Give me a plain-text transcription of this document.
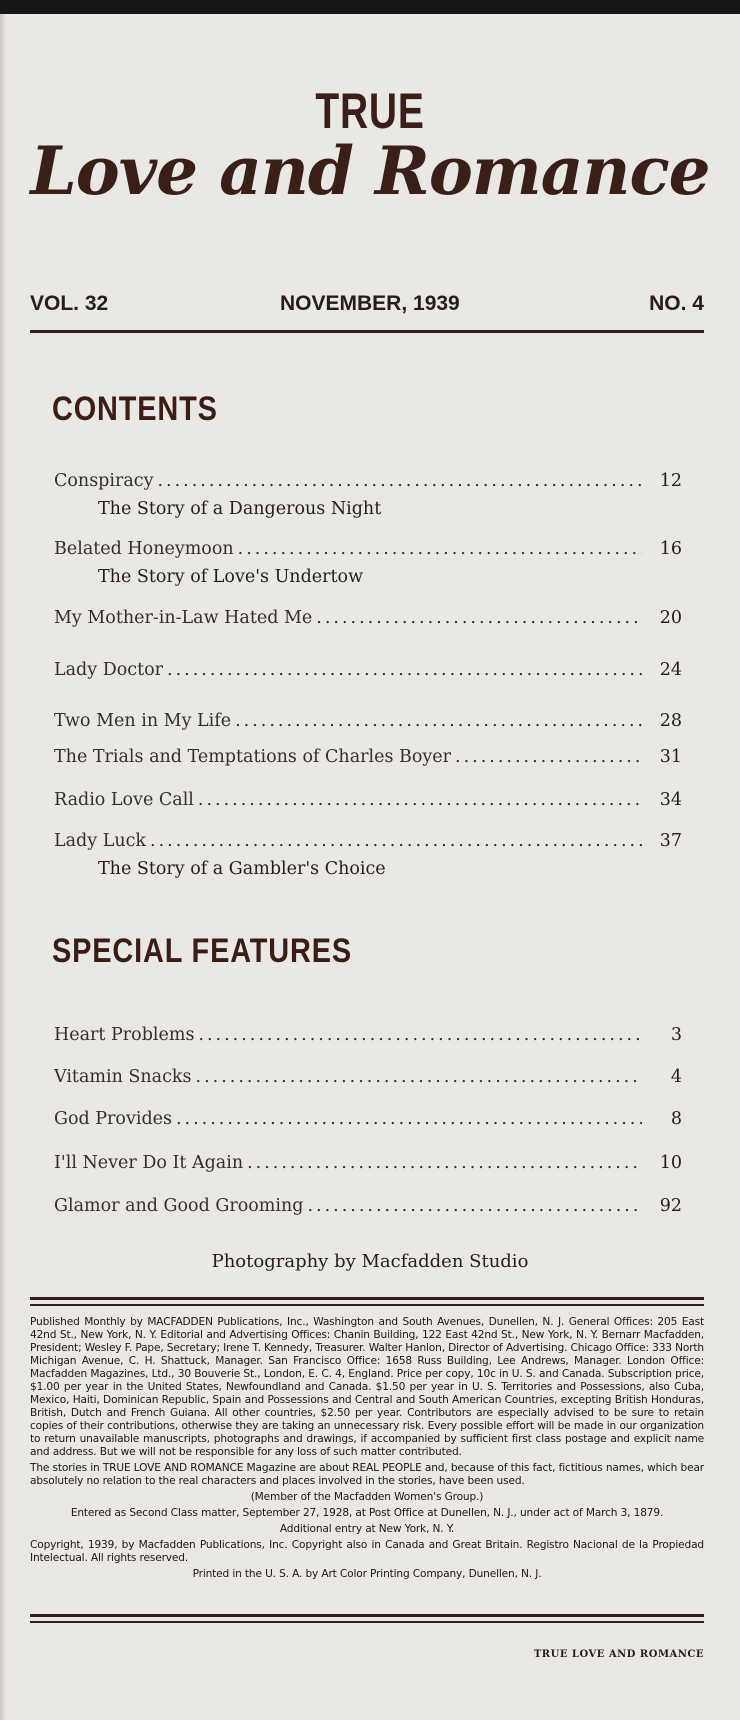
TRUE
Love and Romance
VOL. 32	NOVEMBER, 1939	NO. 4
CONTENTS
Conspiracy .....	12
The Story of a Dangerous Night
Belated Honeymoon .....	16
The Story of Love's Undertow
My Mother-in-Law Hated Me .....	20
Lady Doctor .....	24
Two Men in My Life .....	28
The Trials and Temptations of Charles Boyer .....	31
Radio Love Call .....	34
Lady Luck .....	37
The Story of a Gambler's Choice
SPECIAL FEATURES
Heart Problems .....	3
Vitamin Snacks .....	4
God Provides .....	8
I'll Never Do It Again .....	10
Glamor and Good Grooming .....	92
Photography by Macfadden Studio

Published Monthly by MACFADDEN Publications, Inc., Washington and South Avenues, Dunellen, N. J. General Offices: 205 East 42nd St., New York, N. Y. Editorial and Advertising Offices: Chanin Building, 122 East 42nd St., New York, N. Y. Bernarr Macfadden, President; Wesley F. Pape, Secretary; Irene T. Kennedy, Treasurer. Walter Hanlon, Director of Advertising. Chicago Office: 333 North Michigan Avenue, C. H. Shattuck, Manager. San Francisco Office: 1658 Russ Building, Lee Andrews, Manager. London Office: Macfadden Magazines, Ltd., 30 Bouverie St., London, E. C. 4, England. Price per copy, 10c in U. S. and Canada. Subscription price, $1.00 per year in the United States, Newfoundland and Canada. $1.50 per year in U. S. Territories and Possessions, also Cuba, Mexico, Haiti, Dominican Republic, Spain and Possessions and Central and South American Countries, excepting British Honduras, British, Dutch and French Guiana. All other countries, $2.50 per year. Contributors are especially advised to be sure to retain copies of their contributions, otherwise they are taking an unnecessary risk. Every possible effort will be made in our organization to return unavailable manuscripts, photographs and drawings, if accompanied by sufficient first class postage and explicit name and address. But we will not be responsible for any loss of such matter contributed.

The stories in TRUE LOVE AND ROMANCE Magazine are about REAL PEOPLE and, because of this fact, fictitious names, which bear absolutely no relation to the real characters and places involved in the stories, have been used.

(Member of the Macfadden Women's Group.)

Entered as Second Class matter, September 27, 1928, at Post Office at Dunellen, N. J., under act of March 3, 1879.

Additional entry at New York, N. Y.

Copyright, 1939, by Macfadden Publications, Inc. Copyright also in Canada and Great Britain. Registro Nacional de la Propiedad Intelectual. All rights reserved.

Printed in the U. S. A. by Art Color Printing Company, Dunellen, N. J.

TRUE LOVE AND ROMANCE
